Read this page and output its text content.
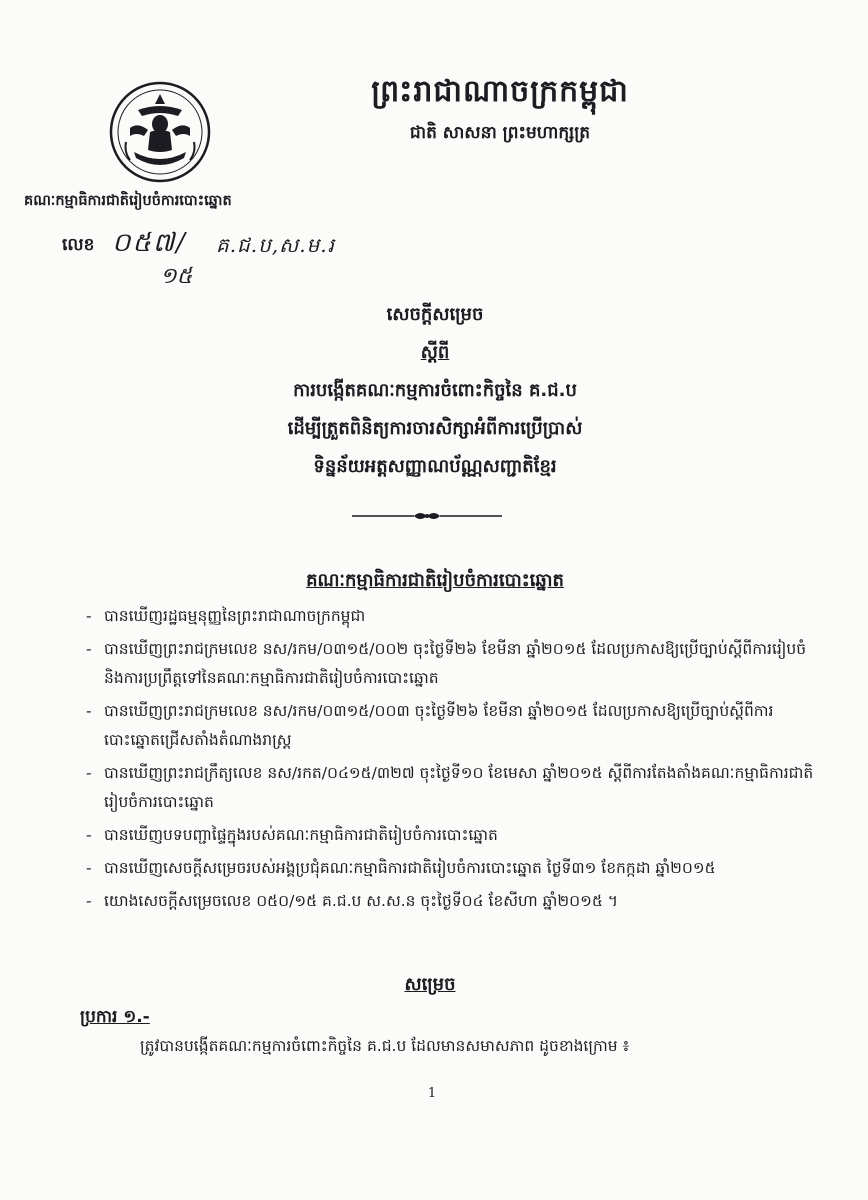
ព្រះរាជាណាចក្រកម្ពុជា
ជាតិ សាសនា ព្រះមហាក្សត្រ
គណៈកម្មាធិការជាតិរៀបចំការបោះឆ្នោត
លេខ ០៥៧/
១៥
គ.ជ.ប,ស.ម.រ
សេចក្តីសម្រេច
ស្តីពី
ការបង្កើតគណៈកម្មការចំពោះកិច្ចនៃ គ.ជ.ប
ដើម្បីត្រួតពិនិត្យការចារសិក្សាអំពីការប្រើប្រាស់
ទិន្នន័យអត្តសញ្ញាណប័ណ្ណសញ្ជាតិខ្មែរ
គណៈកម្មាធិការជាតិរៀបចំការបោះឆ្នោត
- បានឃើញរដ្ឋធម្មនុញ្ញនៃព្រះរាជាណាចក្រកម្ពុជា
- បានឃើញព្រះរាជក្រមលេខ នស/រកម/០៣១៥/០០២ ចុះថ្ងៃទី២៦ ខែមីនា ឆ្នាំ២០១៥ ដែលប្រកាសឱ្យប្រើច្បាប់ស្តីពីការរៀបចំ និងការប្រព្រឹត្តទៅនៃគណៈកម្មាធិការជាតិរៀបចំការបោះឆ្នោត
- បានឃើញព្រះរាជក្រមលេខ នស/រកម/០៣១៥/០០៣ ចុះថ្ងៃទី២៦ ខែមីនា ឆ្នាំ២០១៥ ដែលប្រកាសឱ្យប្រើច្បាប់ស្តីពីការបោះឆ្នោតជ្រើសតាំងតំណាងរាស្ត្រ
- បានឃើញព្រះរាជក្រឹត្យលេខ នស/រកត/០៤១៥/៣២៧ ចុះថ្ងៃទី១០ ខែមេសា ឆ្នាំ២០១៥ ស្តីពីការតែងតាំងគណៈកម្មាធិការជាតិរៀបចំការបោះឆ្នោត
- បានឃើញបទបញ្ជាផ្ទៃក្នុងរបស់គណៈកម្មាធិការជាតិរៀបចំការបោះឆ្នោត
- បានឃើញសេចក្តីសម្រេចរបស់អង្គប្រជុំគណៈកម្មាធិការជាតិរៀបចំការបោះឆ្នោត ថ្ងៃទី៣១ ខែកក្កដា ឆ្នាំ២០១៥
- យោងសេចក្តីសម្រេចលេខ ០៥០/១៥ គ.ជ.ប ស.ស.ន ចុះថ្ងៃទី០៤ ខែសីហា ឆ្នាំ២០១៥ ។
សម្រេច
ប្រការ ១.-
ត្រូវបានបង្កើតគណៈកម្មការចំពោះកិច្ចនៃ គ.ជ.ប ដែលមានសមាសភាព ដូចខាងក្រោម ៖
1
